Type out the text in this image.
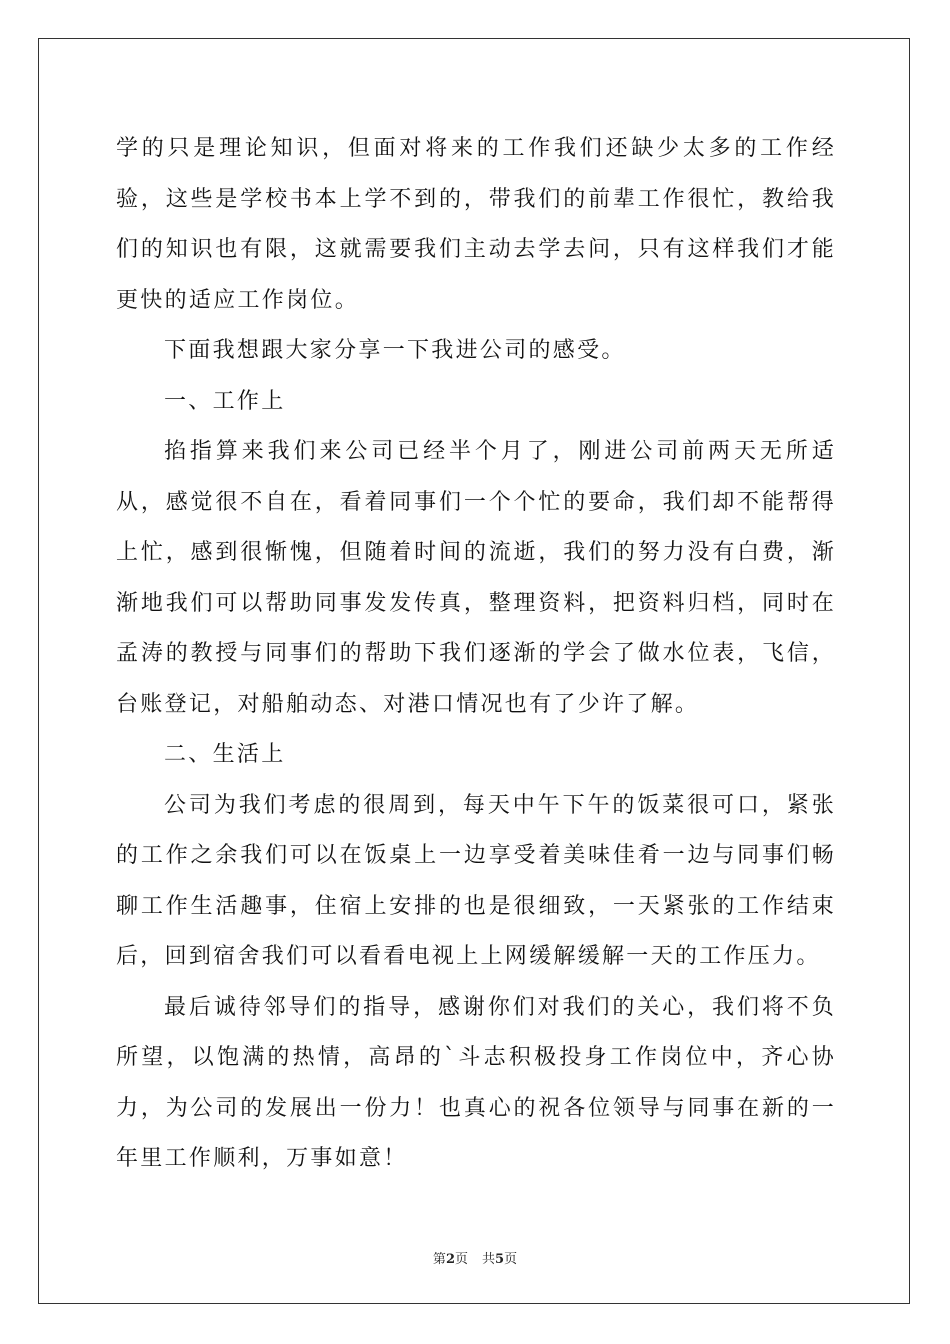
学的只是理论知识，但面对将来的工作我们还缺少太多的工作经验，这些是学校书本上学不到的，带我们的前辈工作很忙，教给我们的知识也有限，这就需要我们主动去学去问，只有这样我们才能更快的适应工作岗位。

下面我想跟大家分享一下我进公司的感受。

一、工作上

掐指算来我们来公司已经半个月了，刚进公司前两天无所适从，感觉很不自在，看着同事们一个个忙的要命，我们却不能帮得上忙，感到很惭愧，但随着时间的流逝，我们的努力没有白费，渐渐地我们可以帮助同事发发传真，整理资料，把资料归档，同时在孟涛的教授与同事们的帮助下我们逐渐的学会了做水位表，飞信，台账登记，对船舶动态、对港口情况也有了少许了解。

二、生活上

公司为我们考虑的很周到，每天中午下午的饭菜很可口，紧张的工作之余我们可以在饭桌上一边享受着美味佳肴一边与同事们畅聊工作生活趣事，住宿上安排的也是很细致，一天紧张的工作结束后，回到宿舍我们可以看看电视上上网缓解缓解一天的工作压力。

最后诚待邻导们的指导，感谢你们对我们的关心，我们将不负所望，以饱满的热情，高昂的`斗志积极投身工作岗位中，齐心协力，为公司的发展出一份力！也真心的祝各位领导与同事在新的一年里工作顺利，万事如意！

第2页 共5页
